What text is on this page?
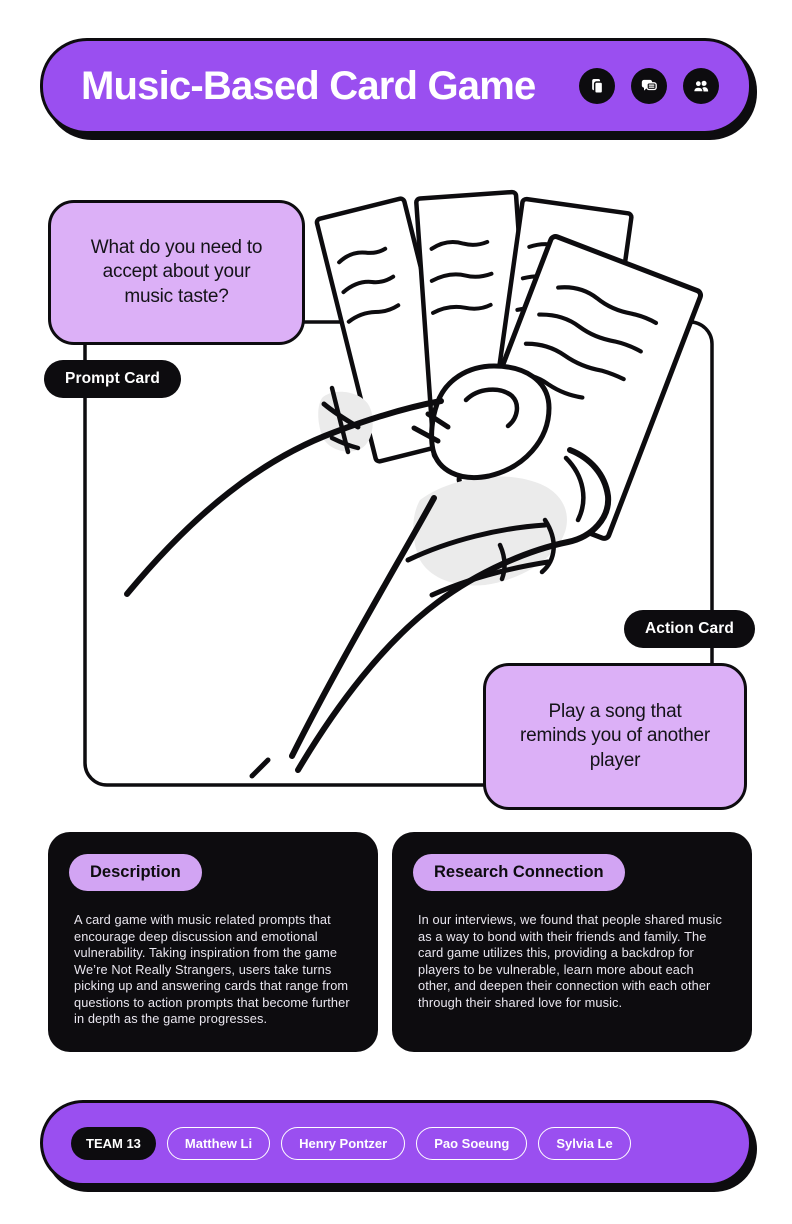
Music-Based Card Game
What do you need to accept about your music taste?
Prompt Card
Action Card
Play a song that reminds you of another player
Description
A card game with music related prompts that encourage deep discussion and emotional vulnerability. Taking inspiration from the game We’re Not Really Strangers, users take turns picking up and answering cards that range from questions to action prompts that become further in depth as the game progresses.
Research Connection
In our interviews, we found that people shared music as a way to bond with their friends and family. The card game utilizes this, providing a backdrop for players to be vulnerable, learn more about each other, and deepen their connection with each other through their shared love for music.
TEAM 13	Matthew Li	Henry Pontzer	Pao Soeung	Sylvia Le
